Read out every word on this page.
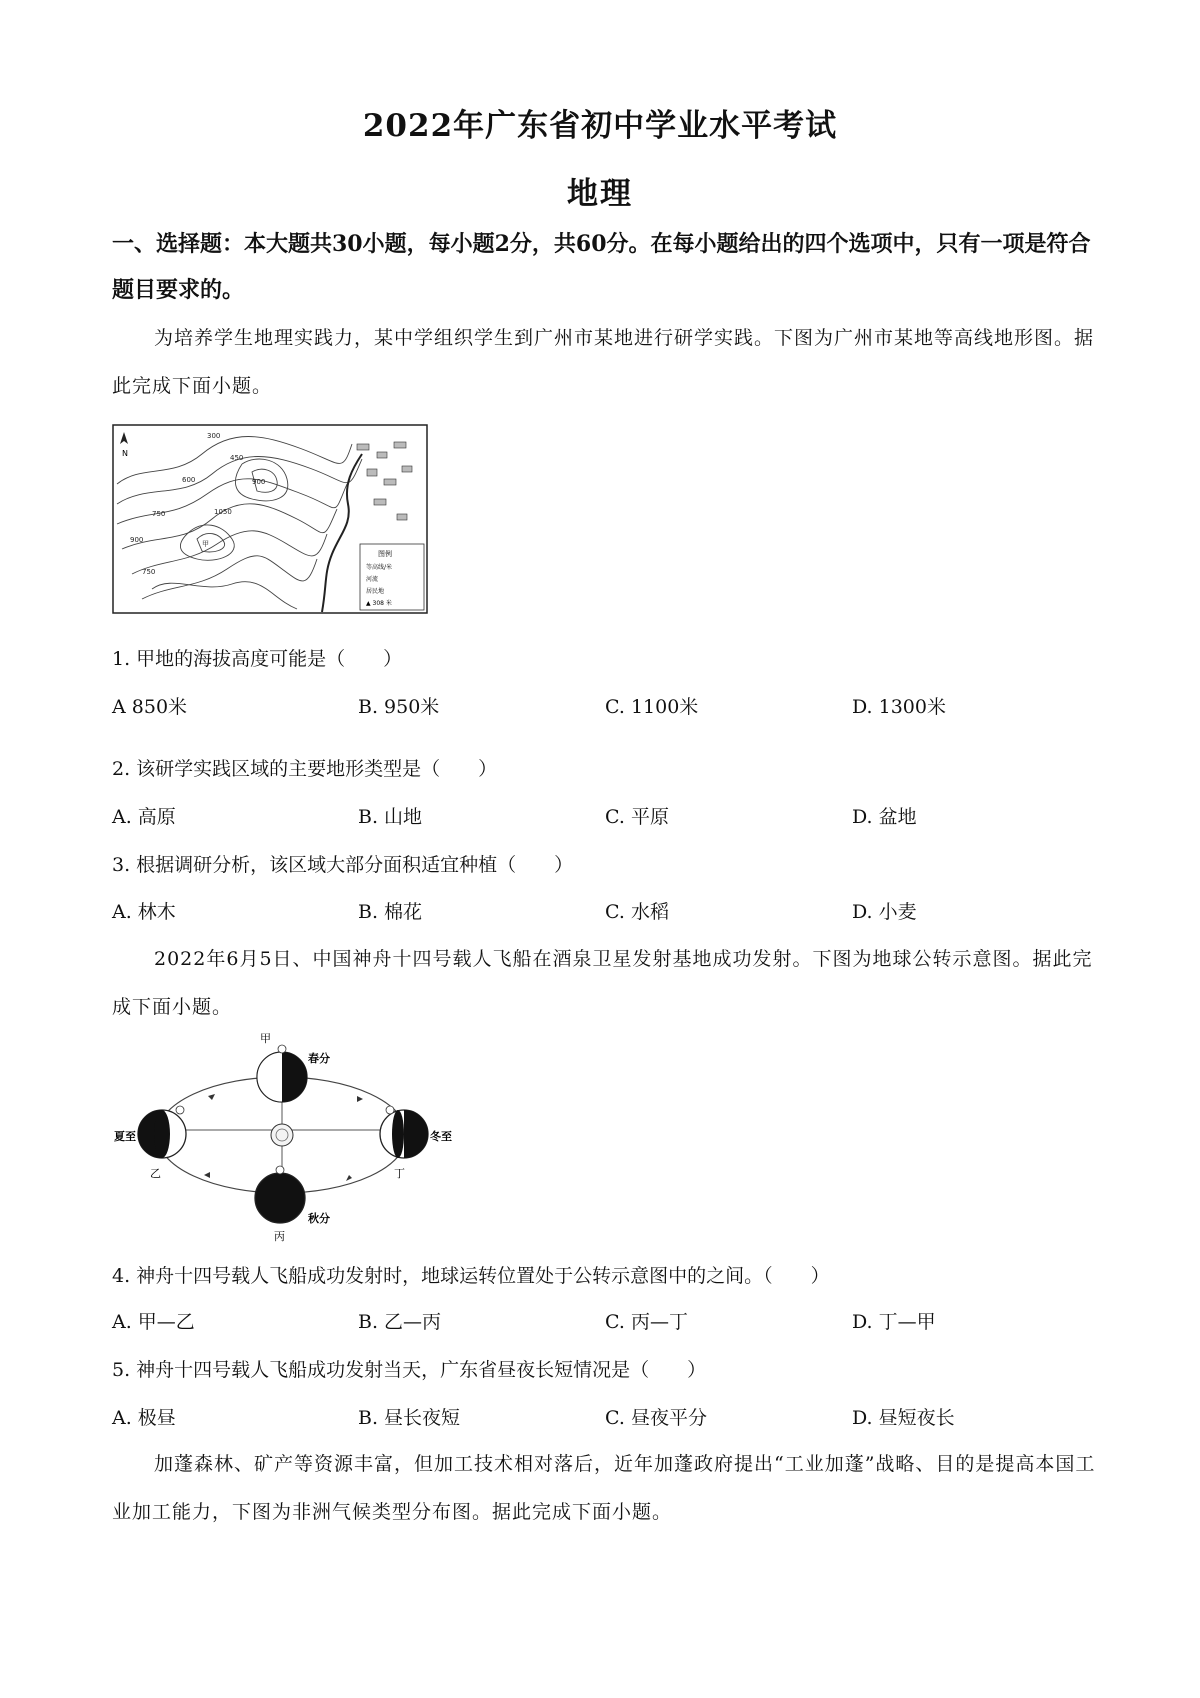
2022年广东省初中学业水平考试
地理
一、选择题：本大题共30小题，每小题2分，共60分。在每小题给出的四个选项中，只有一项是符合题目要求的。
为培养学生地理实践力，某中学组织学生到广州市某地进行研学实践。下图为广州市某地等高线地形图。据此完成下面小题。
N
300
450
600
750
900
1050
900
750
甲
图例
等高线/米
河流
居民地
▲ 308 米
1. 甲地的海拔高度可能是（　　）
A 850米	B. 950米	C. 1100米	D. 1300米
2. 该研学实践区域的主要地形类型是（　　）
A. 高原	B. 山地	C. 平原	D. 盆地
3. 根据调研分析，该区域大部分面积适宜种植（　　）
A. 林木	B. 棉花	C. 水稻	D. 小麦
2022年6月5日、中国神舟十四号载人飞船在酒泉卫星发射基地成功发射。下图为地球公转示意图。据此完成下面小题。
甲
春分
夏至
乙
冬至
丁
秋分
丙
4. 神舟十四号载人飞船成功发射时，地球运转位置处于公转示意图中的之间。（　　）
A. 甲—乙	B. 乙—丙	C. 丙—丁	D. 丁—甲
5. 神舟十四号载人飞船成功发射当天，广东省昼夜长短情况是（　　）
A. 极昼	B. 昼长夜短	C. 昼夜平分	D. 昼短夜长
加蓬森林、矿产等资源丰富，但加工技术相对落后，近年加蓬政府提出“工业加蓬”战略、目的是提高本国工业加工能力，下图为非洲气候类型分布图。据此完成下面小题。
